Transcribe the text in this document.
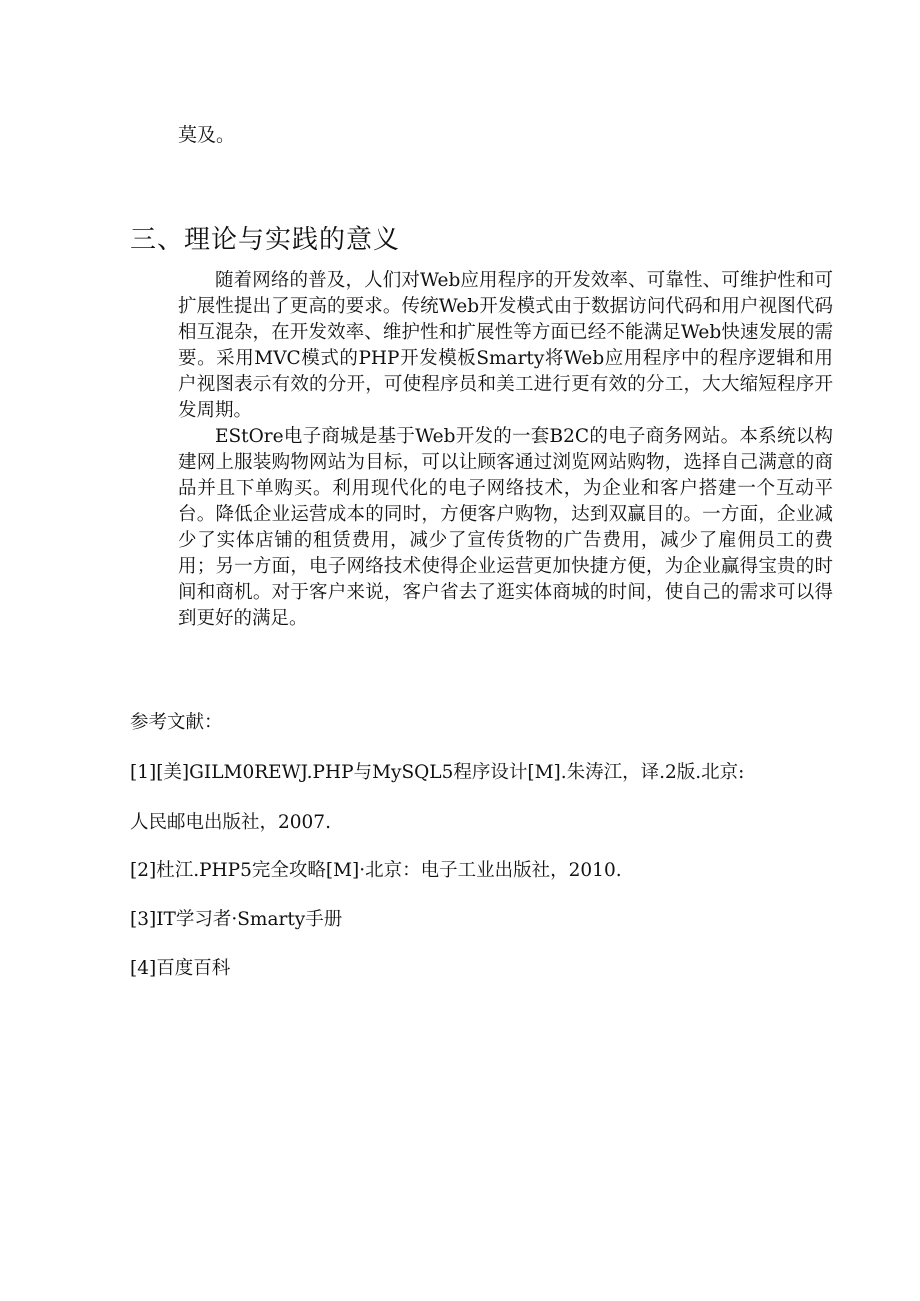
莫及。
三、理论与实践的意义

随着网络的普及，人们对Web应用程序的开发效率、可靠性、可维护性和可扩展性提出了更高的要求。传统Web开发模式由于数据访问代码和用户视图代码相互混杂，在开发效率、维护性和扩展性等方面已经不能满足Web快速发展的需要。采用MVC模式的PHP开发模板Smarty将Web应用程序中的程序逻辑和用户视图表示有效的分开，可使程序员和美工进行更有效的分工，大大缩短程序开发周期。

EStOre电子商城是基于Web开发的一套B2C的电子商务网站。本系统以构建网上服装购物网站为目标，可以让顾客通过浏览网站购物，选择自己满意的商品并且下单购买。利用现代化的电子网络技术，为企业和客户搭建一个互动平台。降低企业运营成本的同时，方便客户购物，达到双赢目的。一方面，企业减少了实体店铺的租赁费用，减少了宣传货物的广告费用，减少了雇佣员工的费用；另一方面，电子网络技术使得企业运营更加快捷方便，为企业赢得宝贵的时间和商机。对于客户来说，客户省去了逛实体商城的时间，使自己的需求可以得到更好的满足。

参考文献：
[1][美]GILM0REWJ.PHP与MySQL5程序设计[M].朱涛江，译.2版.北京:
人民邮电出版社，2007.
[2]杜江.PHP5完全攻略[M]·北京：电子工业出版社，2010.
[3]IT学习者·Smarty手册
[4]百度百科
